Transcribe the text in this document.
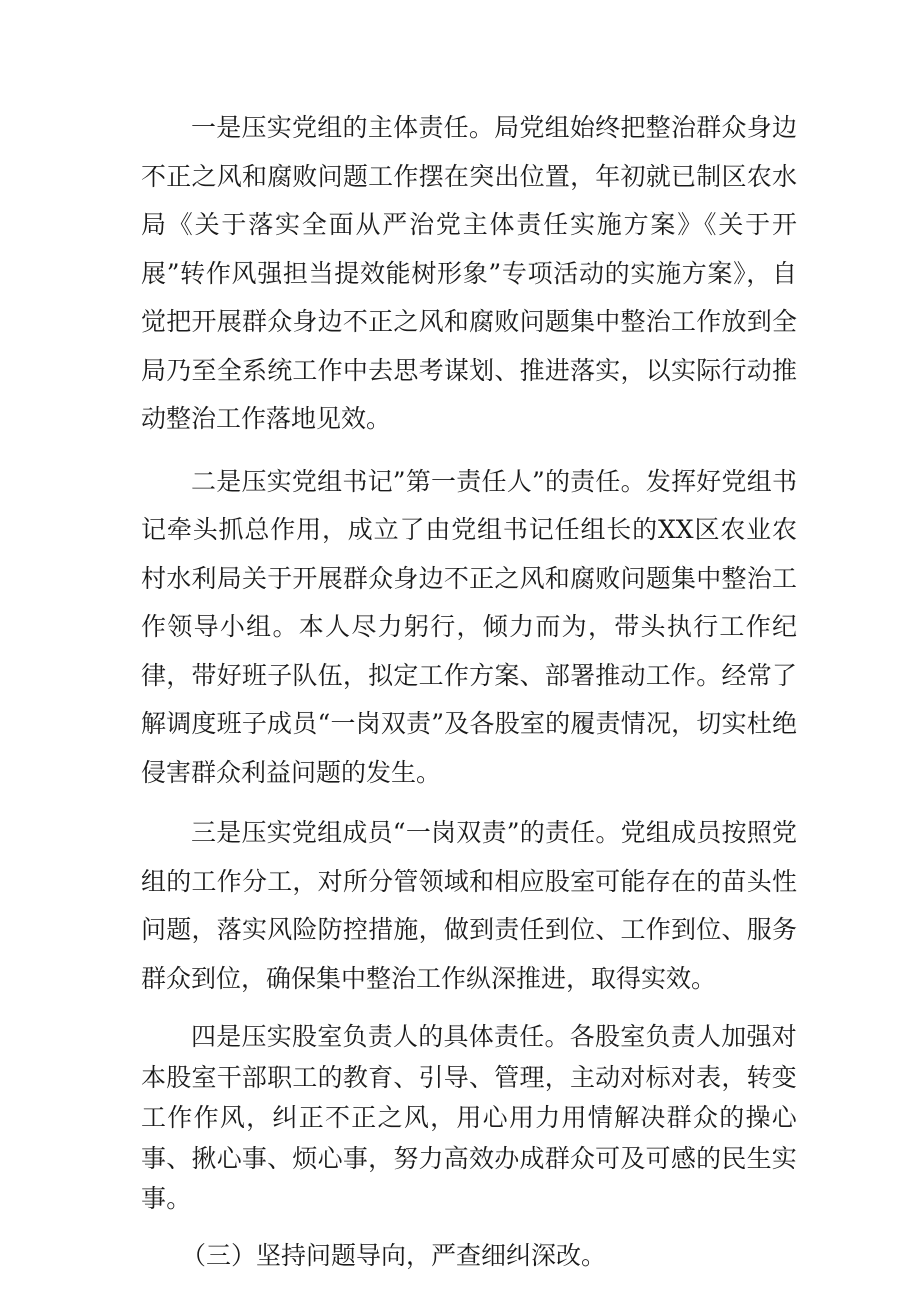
一是压实党组的主体责任。局党组始终把整治群众身边不正之风和腐败问题工作摆在突出位置，年初就已制区农水局《关于落实全面从严治党主体责任实施方案》《关于开展”转作风强担当提效能树形象”专项活动的实施方案》，自觉把开展群众身边不正之风和腐败问题集中整治工作放到全局乃至全系统工作中去思考谋划、推进落实，以实际行动推动整治工作落地见效。

二是压实党组书记”第一责任人”的责任。发挥好党组书记牵头抓总作用，成立了由党组书记任组长的XX区农业农村水利局关于开展群众身边不正之风和腐败问题集中整治工作领导小组。本人尽力躬行，倾力而为，带头执行工作纪律，带好班子队伍，拟定工作方案、部署推动工作。经常了解调度班子成员“一岗双责”及各股室的履责情况，切实杜绝侵害群众利益问题的发生。

三是压实党组成员“一岗双责”的责任。党组成员按照党组的工作分工，对所分管领域和相应股室可能存在的苗头性问题，落实风险防控措施，做到责任到位、工作到位、服务群众到位，确保集中整治工作纵深推进，取得实效。

四是压实股室负责人的具体责任。各股室负责人加强对本股室干部职工的教育、引导、管理，主动对标对表，转变工作作风，纠正不正之风，用心用力用情解决群众的操心事、揪心事、烦心事，努力高效办成群众可及可感的民生实事。

（三）坚持问题导向，严查细纠深改。
